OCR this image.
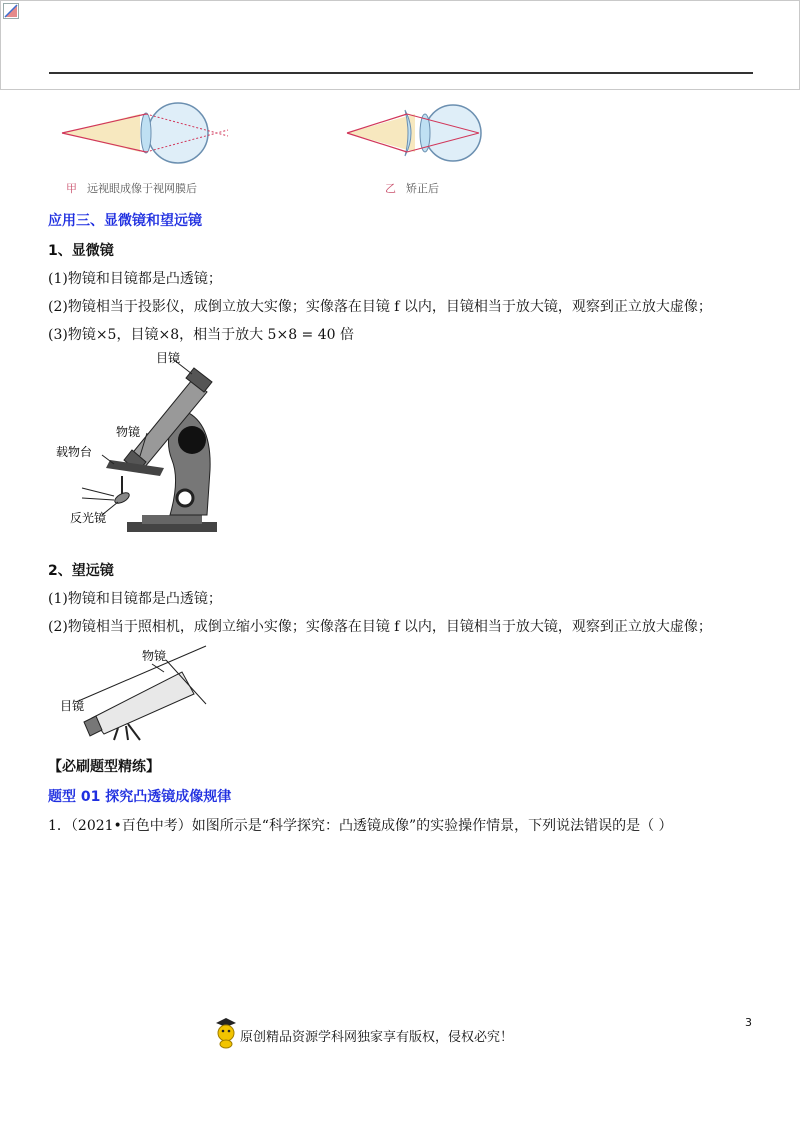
甲 远视眼成像于视网膜后	乙 矫正后
应用三、显微镜和望远镜
1、显微镜
(1)物镜和目镜都是凸透镜；
(2)物镜相当于投影仪，成倒立放大实像；实像落在目镜 f 以内，目镜相当于放大镜，观察到正立放大虚像；
(3)物镜×5，目镜×8，相当于放大 5×8 = 40 倍
目镜
物镜
载物台
反光镜
2、望远镜
(1)物镜和目镜都是凸透镜；
(2)物镜相当于照相机，成倒立缩小实像；实像落在目镜 f 以内，目镜相当于放大镜，观察到正立放大虚像；
物镜
目镜
【必刷题型精练】
题型 01 探究凸透镜成像规律
1．（2021•百色中考）如图所示是“科学探究：凸透镜成像”的实验操作情景，下列说法错误的是（ ）
3
原创精品资源学科网独家享有版权，侵权必究！
